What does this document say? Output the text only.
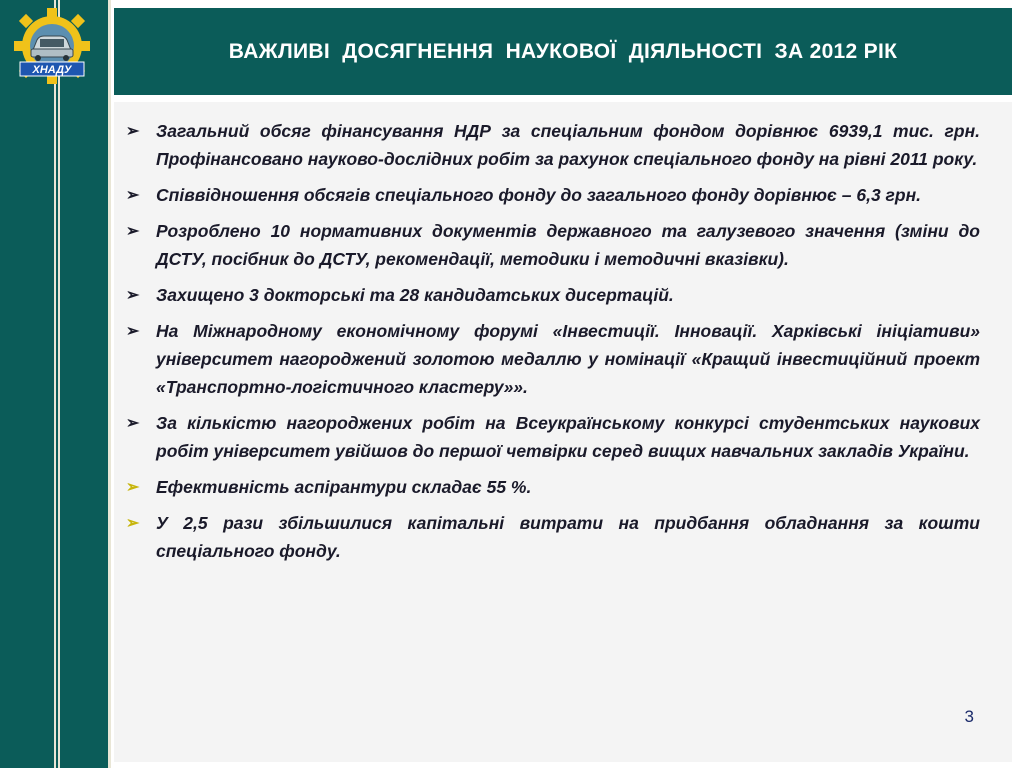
ХНАДУ
ВАЖЛИВІ  ДОСЯГНЕННЯ  НАУКОВОЇ  ДІЯЛЬНОСТІ  ЗА 2012 РІК
➢ Загальний обсяг фінансування НДР за спеціальним фондом дорівнює 6939,1 тис. грн. Профінансовано науково-дослідних робіт за рахунок спеціального фонду на рівні 2011 року.
➢ Співвідношення обсягів спеціального фонду до загального фонду дорівнює – 6,3 грн.
➢ Розроблено 10 нормативних документів державного та галузевого значення (зміни до ДСТУ, посібник до ДСТУ, рекомендації, методики і методичні вказівки).
➢ Захищено 3 докторські та 28 кандидатських дисертацій.
➢ На Міжнародному економічному форумі «Інвестиції. Інновації. Харківські ініціативи» університет нагороджений золотою медаллю у номінації «Кращий інвестиційний проект «Транспортно-логістичного кластеру»».
➢ За кількістю нагороджених робіт на Всеукраїнському конкурсі студентських наукових робіт університет увійшов до першої четвірки серед вищих навчальних закладів України.
➢ Ефективність аспірантури складає 55 %.
➢ У 2,5 рази збільшилися капітальні витрати на придбання обладнання за кошти спеціального фонду.
3
